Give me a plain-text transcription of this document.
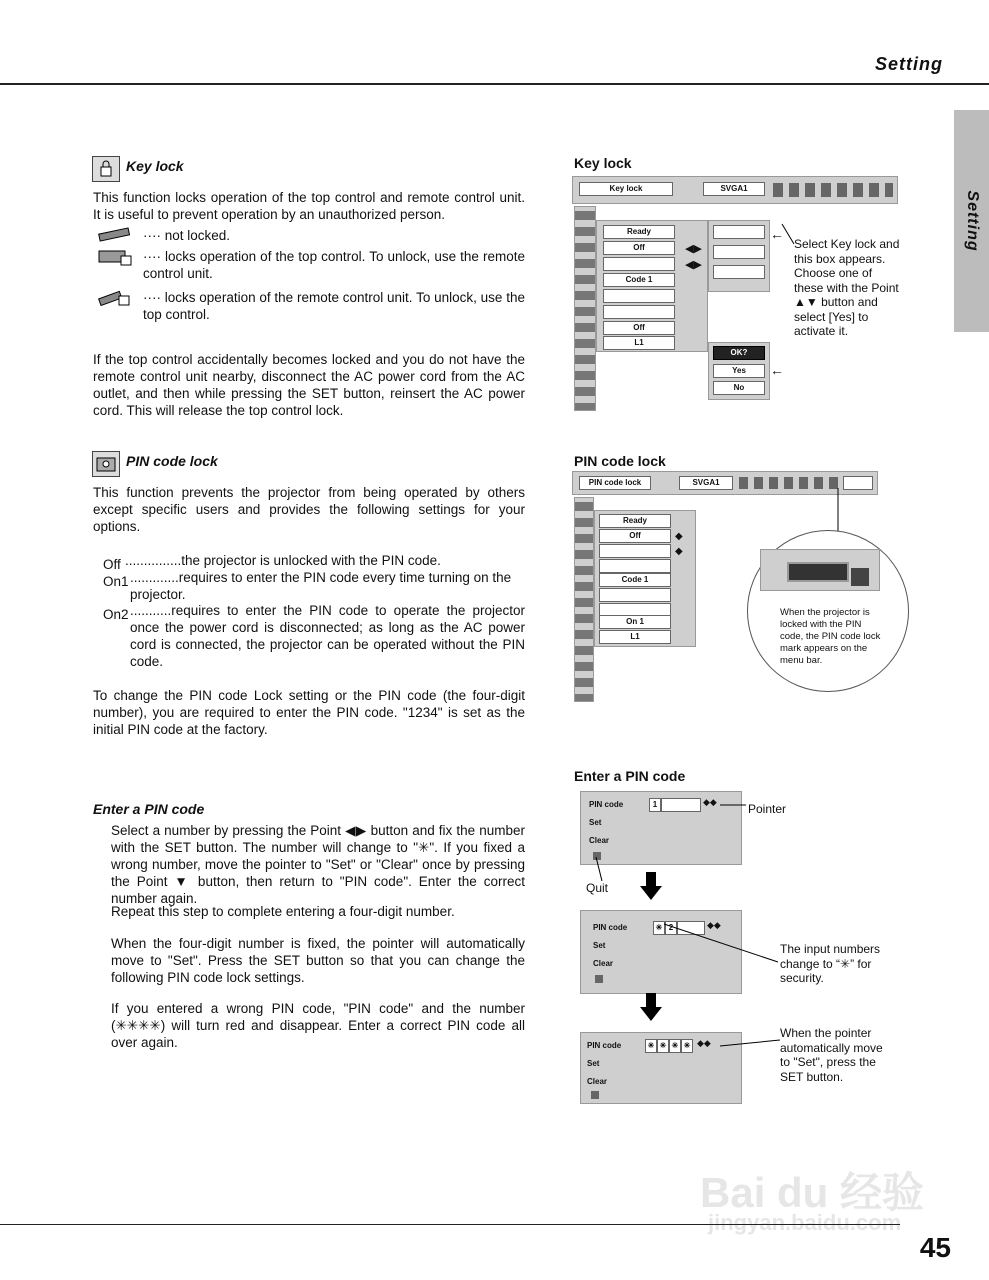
Setting
Setting
Key lock
This function locks operation of the top control and remote control unit. It is useful to prevent operation by an unauthorized person.
···· not locked.
···· locks operation of the top control. To unlock, use the remote control unit.
···· locks operation of the remote control unit. To unlock, use the top control.
If the top control accidentally becomes locked and you do not have the remote control unit nearby, disconnect the AC power cord from the AC outlet, and then while pressing the SET button, reinsert the AC power cord. This will release the top control lock.
PIN code lock
This function prevents the projector from being operated by others except specific users and provides the following settings for your options.
Off ...............the projector is unlocked with the PIN code.
On1 .............requires to enter the PIN code every time turning on the projector.
On2 ...........requires to enter the PIN code to operate the projector once the power cord is disconnected; as long as the AC power cord is connected, the projector can be operated without the PIN code.
To change the PIN code Lock setting or the PIN code (the four-digit number), you are required to enter the PIN code. "1234" is set as the initial PIN code at the factory.
Enter a PIN code
Select a number by pressing the Point ◀▶ button and fix the number with the SET button. The number will change to "✳". If you fixed a wrong number, move the pointer to "Set" or "Clear" once by pressing the Point ▼ button, then return to "PIN code". Enter the correct number again.
Repeat this step to complete entering a four-digit number.
When the four-digit number is fixed, the pointer will automatically move to "Set". Press the SET button so that you can change the following PIN code lock settings.
If you entered a wrong PIN code, "PIN code" and the number (✳✳✳✳) will turn red and disappear. Enter a correct PIN code all over again.
Key lock
Key lock	SVGA1
Ready
Off
Code 1
Off
L1
◀▶
◀▶
←
OK?
Yes
No
←
Select Key lock and this box appears. Choose one of these with the Point ▲▼ button and select [Yes] to activate it.
PIN code lock
PIN code lock	SVGA1
Ready
Off
Code 1
On 1
L1
◆
◆
When the projector is locked with the PIN code, the PIN code lock mark appears on the menu bar.
Enter a PIN code
PIN code	1	◆◆
Set
Clear
Pointer
Quit
PIN code	✳ 2	◆◆
Set
Clear
The input numbers change to “✳” for security.
PIN code	✳ ✳ ✳ ✳ ◆◆
Set
Clear
When the pointer automatically move to "Set", press the SET button.
Bai du 经验
jingyan.baidu.com
45
